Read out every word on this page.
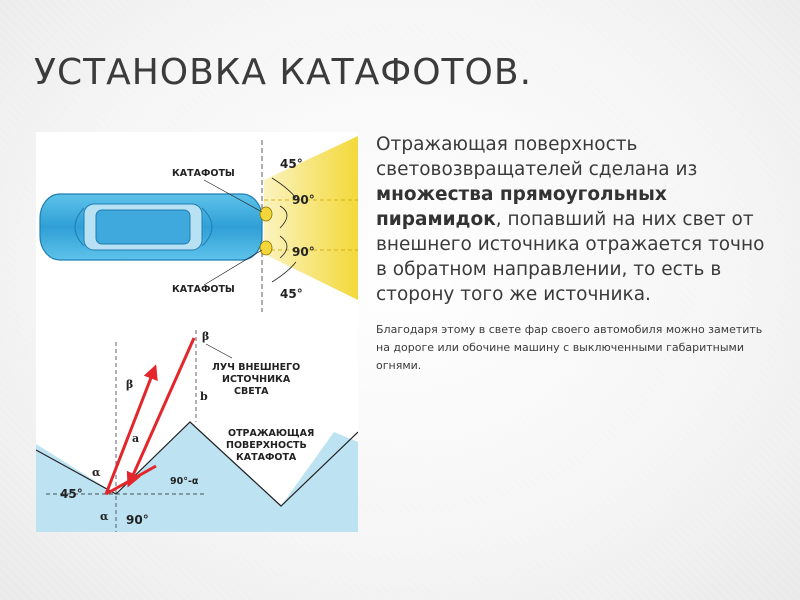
УСТАНОВКА КАТАФОТОВ.
КАТАФОТЫ
КАТАФОТЫ
45°
90°
90°
45°
β
β
ЛУЧ ВНЕШНЕГО
ИСТОЧНИКА
СВЕТА
b
a	ОТРАЖАЮЩАЯ
ПОВЕРХНОСТЬ
КАТАФОТА
α
α
90°-α
45°
90°

Отражающая поверхность световозвращателей сделана из множества прямоугольных пирамидок, попавший на них свет от внешнего источника отражается точно в обратном направлении, то есть в сторону того же источника.

Благодаря этому в свете фар своего автомобиля можно заметить на дороге или обочине машину с выключенными габаритными огнями.
